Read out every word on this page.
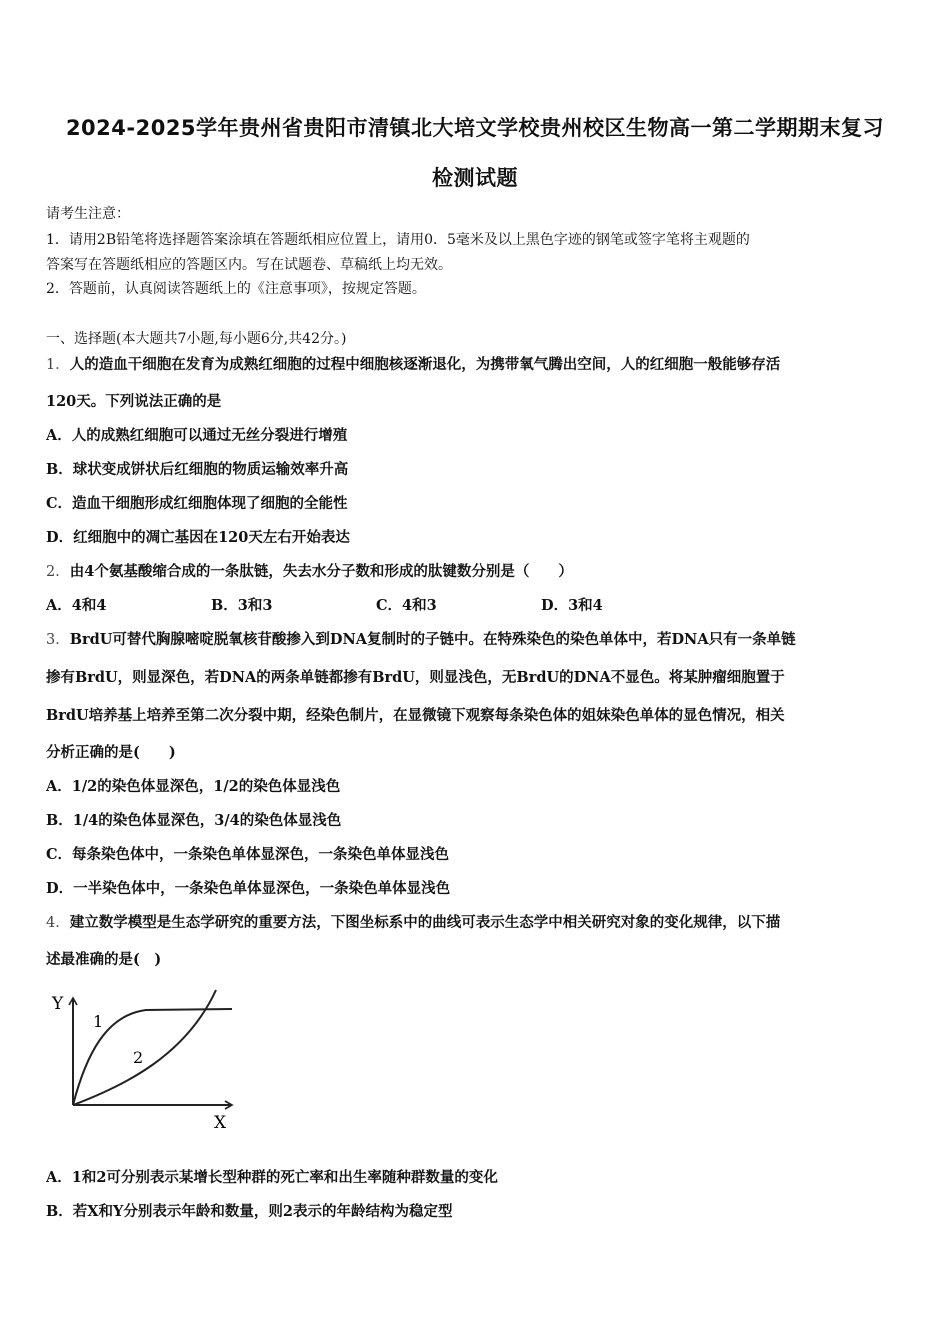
2024-2025学年贵州省贵阳市清镇北大培文学校贵州校区生物高一第二学期期末复习
检测试题
请考生注意：
1．请用2B铅笔将选择题答案涂填在答题纸相应位置上，请用0．5毫米及以上黑色字迹的钢笔或签字笔将主观题的
答案写在答题纸相应的答题区内。写在试题卷、草稿纸上均无效。
2．答题前，认真阅读答题纸上的《注意事项》，按规定答题。
一、选择题(本大题共7小题,每小题6分,共42分。)
1．人的造血干细胞在发育为成熟红细胞的过程中细胞核逐渐退化，为携带氧气腾出空间，人的红细胞一般能够存活
120天。下列说法正确的是
A．人的成熟红细胞可以通过无丝分裂进行增殖
B．球状变成饼状后红细胞的物质运输效率升高
C．造血干细胞形成红细胞体现了细胞的全能性
D．红细胞中的凋亡基因在120天左右开始表达
2．由4个氨基酸缩合成的一条肽链，失去水分子数和形成的肽键数分别是（　　）
A．4和4	B．3和3	C．4和3	D．3和4
3．BrdU可替代胸腺嘧啶脱氧核苷酸掺入到DNA复制时的子链中。在特殊染色的染色单体中，若DNA只有一条单链
掺有BrdU，则显深色，若DNA的两条单链都掺有BrdU，则显浅色，无BrdU的DNA不显色。将某肿瘤细胞置于
BrdU培养基上培养至第二次分裂中期，经染色制片，在显微镜下观察每条染色体的姐妹染色单体的显色情况，相关
分析正确的是(　　)
A．1/2的染色体显深色，1/2的染色体显浅色
B．1/4的染色体显深色，3/4的染色体显浅色
C．每条染色体中，一条染色单体显深色，一条染色单体显浅色
D．一半染色体中，一条染色单体显深色，一条染色单体显浅色
4．建立数学模型是生态学研究的重要方法，下图坐标系中的曲线可表示生态学中相关研究对象的变化规律，以下描
述最准确的是(　)
Y
X
1
2
A．1和2可分别表示某增长型种群的死亡率和出生率随种群数量的变化
B．若X和Y分别表示年龄和数量，则2表示的年龄结构为稳定型
